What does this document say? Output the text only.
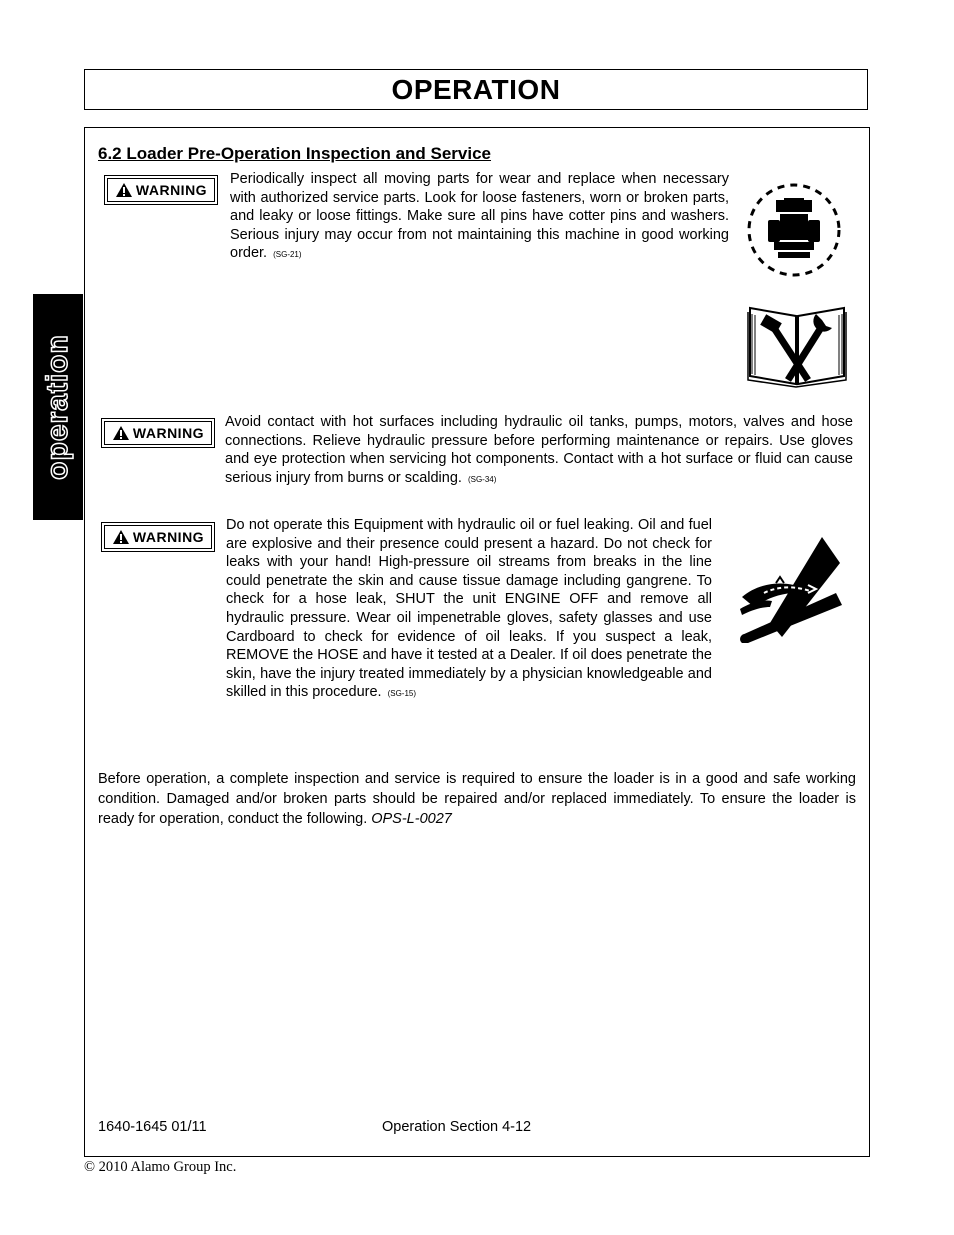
OPERATION
operation
6.2 Loader Pre-Operation Inspection and Service
WARNING
Periodically inspect all moving parts for wear and replace when necessary with authorized service parts. Look for loose fasteners, worn or broken parts, and leaky or loose fittings. Make sure all pins have cotter pins and washers. Serious injury may occur from not maintaining this machine in good working order. (SG-21)
WARNING
Avoid contact with hot surfaces including hydraulic oil tanks, pumps, motors, valves and hose connections. Relieve hydraulic pressure before performing maintenance or repairs. Use gloves and eye protection when servicing hot components. Contact with a hot surface or fluid can cause serious injury from burns or scalding. (SG-34)
WARNING
Do not operate this Equipment with hydraulic oil or fuel leaking. Oil and fuel are explosive and their presence could present a hazard. Do not check for leaks with your hand! High-pressure oil streams from breaks in the line could penetrate the skin and cause tissue damage including gangrene. To check for a hose leak, SHUT the unit ENGINE OFF and remove all hydraulic pressure. Wear oil impenetrable gloves, safety glasses and use Cardboard to check for evidence of oil leaks. If you suspect a leak, REMOVE the HOSE and have it tested at a Dealer. If oil does penetrate the skin, have the injury treated immediately by a physician knowledgeable and skilled in this procedure. (SG-15)
Before operation, a complete inspection and service is required to ensure the loader is in a good and safe working condition. Damaged and/or broken parts should be repaired and/or replaced immediately. To ensure the loader is ready for operation, conduct the following. OPS-L-0027
1640-1645 01/11	Operation Section 4-12
© 2010 Alamo Group Inc.
